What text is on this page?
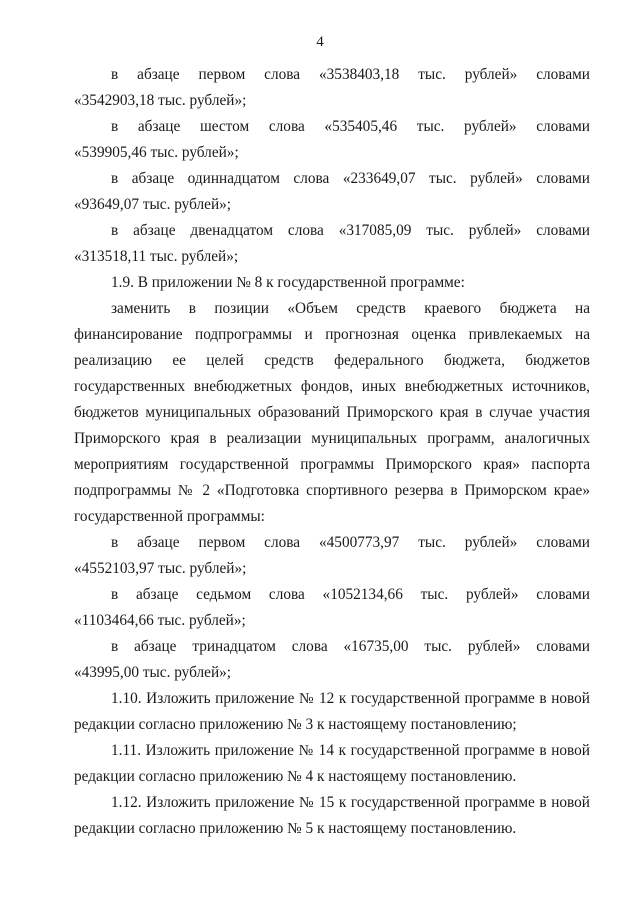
4
в абзаце первом слова «3538403,18 тыс. рублей» словами
«3542903,18 тыс. рублей»;
в абзаце шестом слова «535405,46 тыс. рублей» словами
«539905,46 тыс. рублей»;
в абзаце одиннадцатом слова «233649,07 тыс. рублей» словами
«93649,07 тыс. рублей»;
в абзаце двенадцатом слова «317085,09 тыс. рублей» словами
«313518,11 тыс. рублей»;
1.9. В приложении № 8 к государственной программе:
заменить в позиции «Объем средств краевого бюджета на
финансирование подпрограммы и прогнозная оценка привлекаемых на
реализацию ее целей средств федерального бюджета, бюджетов
государственных внебюджетных фондов, иных внебюджетных источников,
бюджетов муниципальных образований Приморского края в случае участия
Приморского края в реализации муниципальных программ, аналогичных
мероприятиям государственной программы Приморского края» паспорта
подпрограммы № 2 «Подготовка спортивного резерва в Приморском крае»
государственной программы:
в абзаце первом слова «4500773,97 тыс. рублей» словами
«4552103,97 тыс. рублей»;
в абзаце седьмом слова «1052134,66 тыс. рублей» словами
«1103464,66 тыс. рублей»;
в абзаце тринадцатом слова «16735,00 тыс. рублей» словами
«43995,00 тыс. рублей»;
1.10. Изложить приложение № 12 к государственной программе в новой
редакции согласно приложению № 3 к настоящему постановлению;
1.11. Изложить приложение № 14 к государственной программе в новой
редакции согласно приложению № 4 к настоящему постановлению.
1.12. Изложить приложение № 15 к государственной программе в новой
редакции согласно приложению № 5 к настоящему постановлению.
